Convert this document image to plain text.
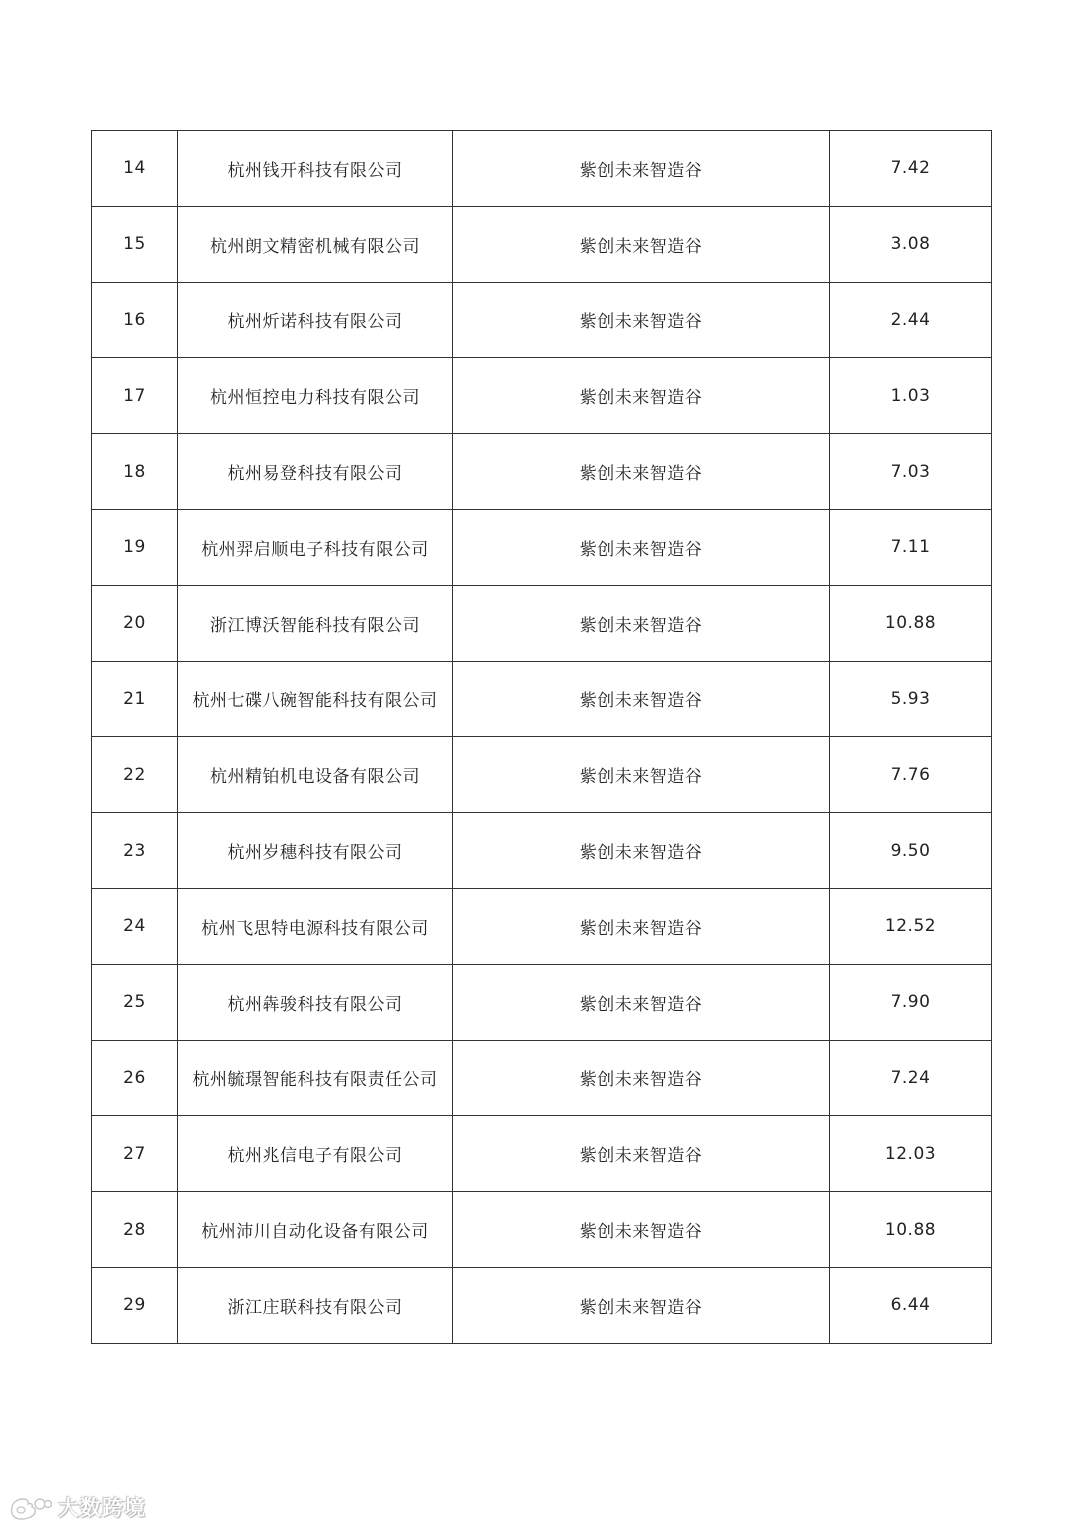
14	杭州钱开科技有限公司	紫创未来智造谷	7.42
15	杭州朗文精密机械有限公司	紫创未来智造谷	3.08
16	杭州炘诺科技有限公司	紫创未来智造谷	2.44
17	杭州恒控电力科技有限公司	紫创未来智造谷	1.03
18	杭州易登科技有限公司	紫创未来智造谷	7.03
19	杭州羿启顺电子科技有限公司	紫创未来智造谷	7.11
20	浙江博沃智能科技有限公司	紫创未来智造谷	10.88
21	杭州七碟八碗智能科技有限公司	紫创未来智造谷	5.93
22	杭州精铂机电设备有限公司	紫创未来智造谷	7.76
23	杭州岁穗科技有限公司	紫创未来智造谷	9.50
24	杭州飞思特电源科技有限公司	紫创未来智造谷	12.52
25	杭州犇骏科技有限公司	紫创未来智造谷	7.90
26	杭州毓璟智能科技有限责任公司	紫创未来智造谷	7.24
27	杭州兆信电子有限公司	紫创未来智造谷	12.03
28	杭州沛川自动化设备有限公司	紫创未来智造谷	10.88
29	浙江庄联科技有限公司	紫创未来智造谷	6.44
大数跨境
